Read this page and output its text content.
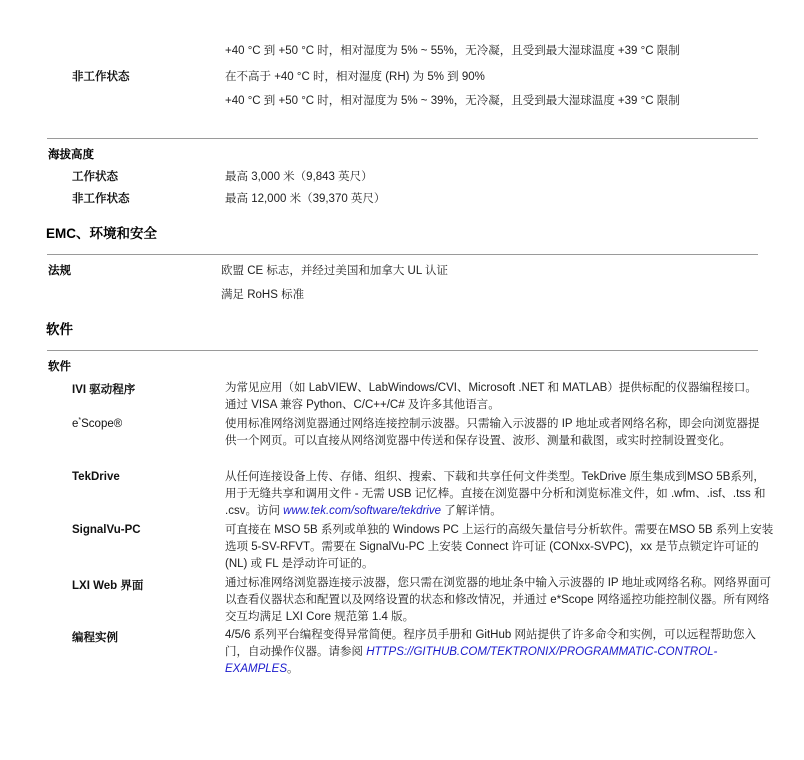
+40 °C 到 +50 °C 时，相对湿度为 5% ~ 55%，无冷凝，且受到最大湿球温度 +39 °C 限制
非工作状态	在不高于 +40 °C 时，相对湿度 (RH) 为 5% 到 90%
+40 °C 到 +50 °C 时，相对湿度为 5% ~ 39%，无冷凝，且受到最大湿球温度 +39 °C 限制
海拔高度
工作状态	最高 3,000 米（9,843 英尺）
非工作状态	最高 12,000 米（39,370 英尺）
EMC、环境和安全
法规	欧盟 CE 标志，并经过美国和加拿大 UL 认证
满足 RoHS 标准
软件
软件
IVI 驱动程序	为常见应用（如 LabVIEW、LabWindows/CVI、Microsoft .NET 和 MATLAB）提供标配的仪器编程接口。通过 VISA 兼容 Python、C/C++/C# 及许多其他语言。
e*Scope®	使用标准网络浏览器通过网络连接控制示波器。只需输入示波器的 IP 地址或者网络名称，即会向浏览器提供一个网页。可以直接从网络浏览器中传送和保存设置、波形、测量和截图，或实时控制设置变化。
TekDrive	从任何连接设备上传、存储、组织、搜索、下载和共享任何文件类型。TekDrive 原生集成到MSO 5B系列，用于无缝共享和调用文件 - 无需 USB 记忆棒。直接在浏览器中分析和浏览标准文件，如 .wfm、.isf、.tss 和 .csv。访问 www.tek.com/software/tekdrive 了解详情。
SignalVu-PC	可直接在 MSO 5B 系列或单独的 Windows PC 上运行的高级矢量信号分析软件。需要在MSO 5B 系列上安装选项 5-SV-RFVT。需要在 SignalVu-PC 上安装 Connect 许可证 (CONxx-SVPC)，xx 是节点锁定许可证的 (NL) 或 FL 是浮动许可证的。
LXI Web 界面	通过标准网络浏览器连接示波器，您只需在浏览器的地址条中输入示波器的 IP 地址或网络名称。网络界面可以查看仪器状态和配置以及网络设置的状态和修改情况，并通过 e*Scope 网络遥控功能控制仪器。所有网络交互均满足 LXI Core 规范第 1.4 版。
编程实例	4/5/6 系列平台编程变得异常简便。程序员手册和 GitHub 网站提供了许多命令和实例，可以远程帮助您入门，自动操作仪器。请参阅 HTTPS://GITHUB.COM/TEKTRONIX/PROGRAMMATIC-CONTROL-EXAMPLES。
